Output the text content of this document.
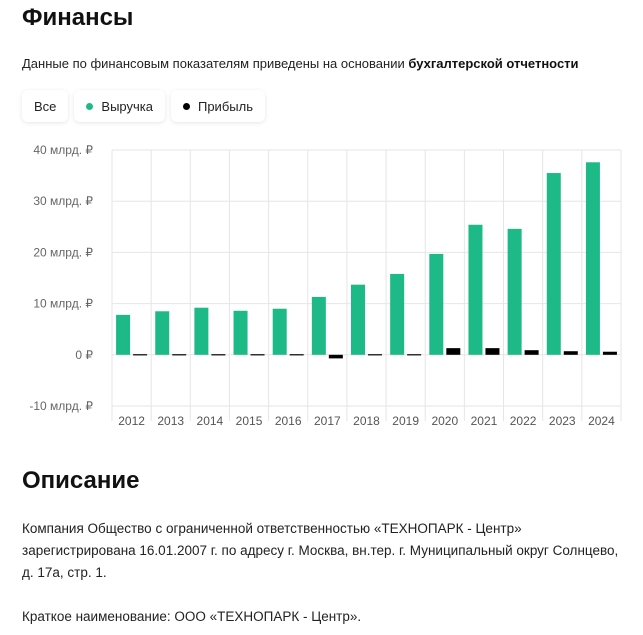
Финансы
Данные по финансовым показателям приведены на основании бухгалтерской отчетности
Все	Выручка	Прибыль
40 млрд. ₽
30 млрд. ₽
20 млрд. ₽
10 млрд. ₽
0 ₽
-10 млрд. ₽
2012 2013 2014 2015 2016 2017 2018 2019 2020 2021 2022 2023 2024
Описание

Компания Общество с ограниченной ответственностью «ТЕХНОПАРК - Центр» зарегистрирована 16.01.2007 г. по адресу г. Москва, вн.тер. г. Муниципальный округ Солнцево, д. 17а, стр. 1.

Краткое наименование: ООО «ТЕХНОПАРК - Центр».
